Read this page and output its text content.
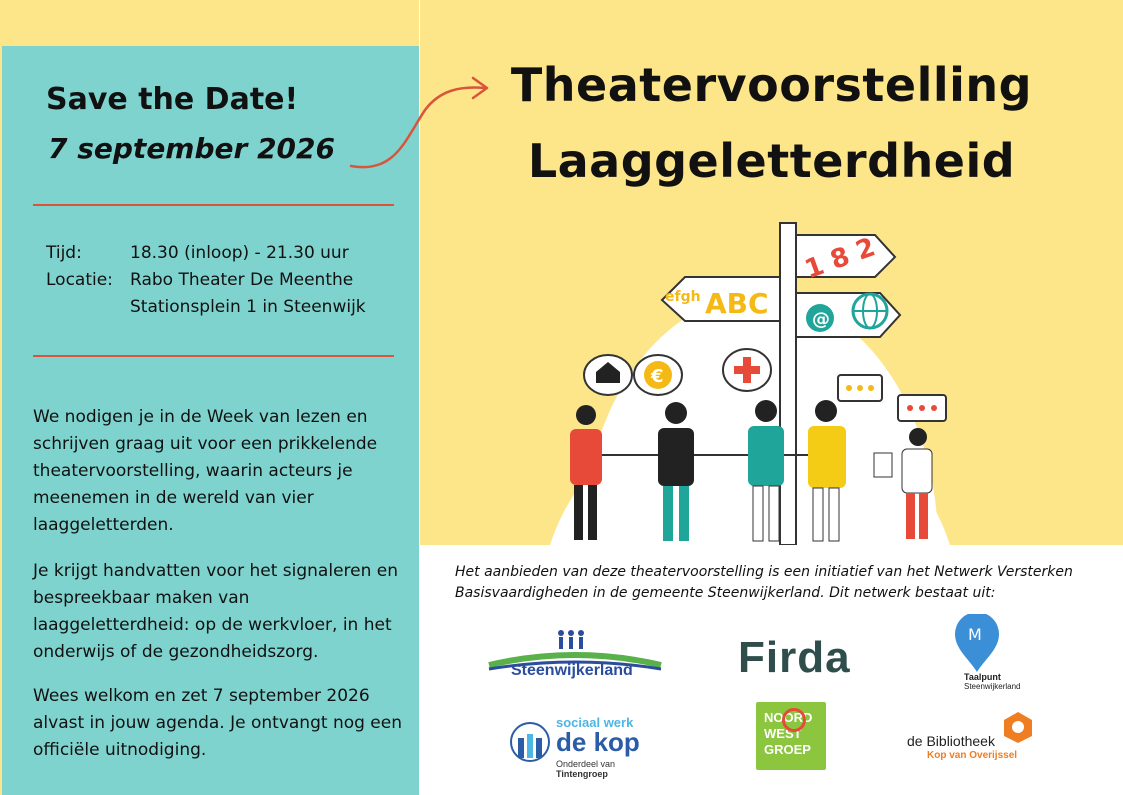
Save the Date!
7 september 2026
Tijd:	18.30 (inloop) - 21.30 uur
Locatie:	Rabo Theater De Meenthe
Stationsplein 1 in Steenwijk

We nodigen je in de Week van lezen en schrijven graag uit voor een prikkelende theatervoorstelling, waarin acteurs je meenemen in de wereld van vier laaggeletterden.

Je krijgt handvatten voor het signaleren en bespreekbaar maken van laaggeletterdheid: op de werkvloer, in het onderwijs of de gezondheidszorg.

Wees welkom en zet 7 september 2026 alvast in jouw agenda. Je ontvangt nog een officiële uitnodiging.

Theatervoorstelling
Laaggeletterdheid
1 8 2
efgh ABC @
€

Het aanbieden van deze theatervoorstelling is een initiatief van het Netwerk Versterken Basisvaardigheden in de gemeente Steenwijkerland. Dit netwerk bestaat uit:

Steenwijkerland Firda	M
Taalpunt
Steenwijkerland
sociaal werk
de kop
Onderdeel van Tintengroep
NOORD
WEST
GROEP
de Bibliotheek
Kop van Overijssel
